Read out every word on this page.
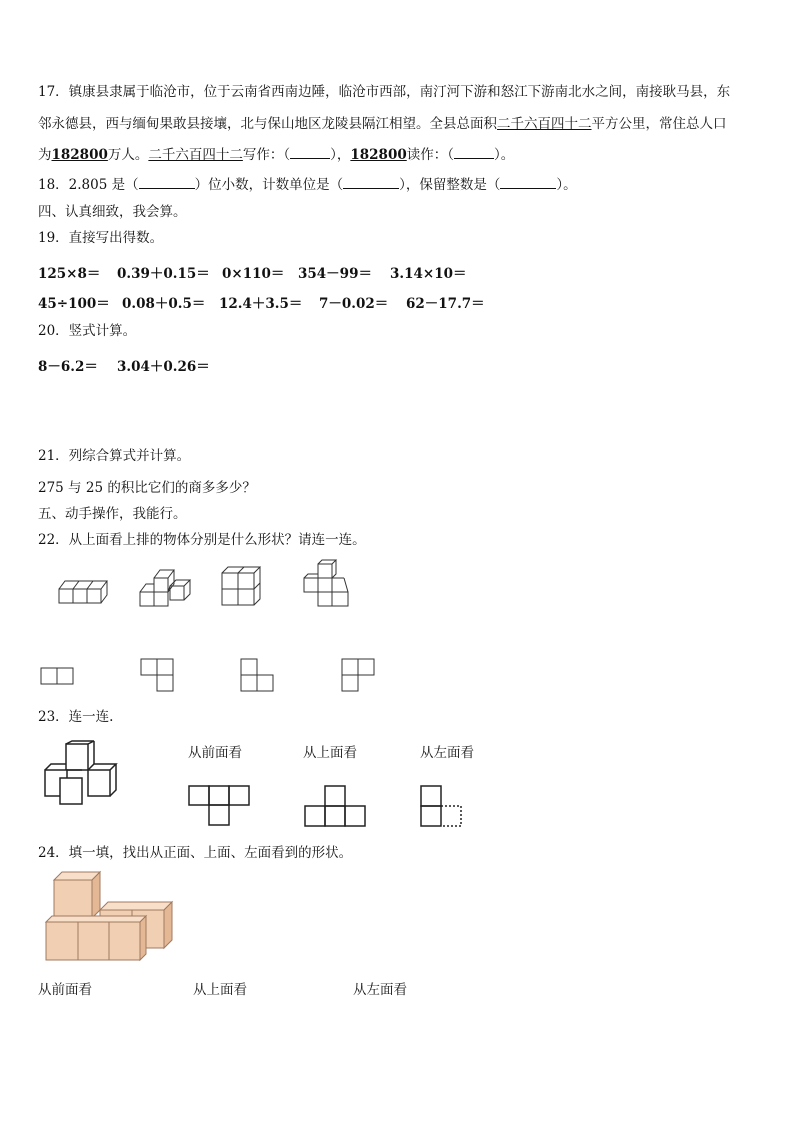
17．镇康县隶属于临沧市，位于云南省西南边陲，临沧市西部，南汀河下游和怒江下游南北水之间，南接耿马县，东
邻永德县，西与缅甸果敢县接壤，北与保山地区龙陵县隔江相望。全县总面积二千六百四十二平方公里，常住总人口
为182800万人。二千六百四十二写作：（	），182800读作：（	）。
18．2.805 是（	）位小数，计数单位是（	），保留整数是（	）。
四、认真细致，我会算。
19．直接写出得数。
125×8＝ 0.39＋0.15＝ 0×110＝ 354－99＝ 3.14×10＝
45÷100＝ 0.08＋0.5＝ 12.4＋3.5＝ 7－0.02＝ 62－17.7＝
20．竖式计算。
8－6.2＝ 3.04＋0.26＝
21．列综合算式并计算。
275 与 25 的积比它们的商多多少？
五、动手操作，我能行。
22．从上面看上排的物体分别是什么形状？请连一连。
23．连一连.
从前面看	从上面看	从左面看
24．填一填，找出从正面、上面、左面看到的形状。
从前面看	从上面看	从左面看
